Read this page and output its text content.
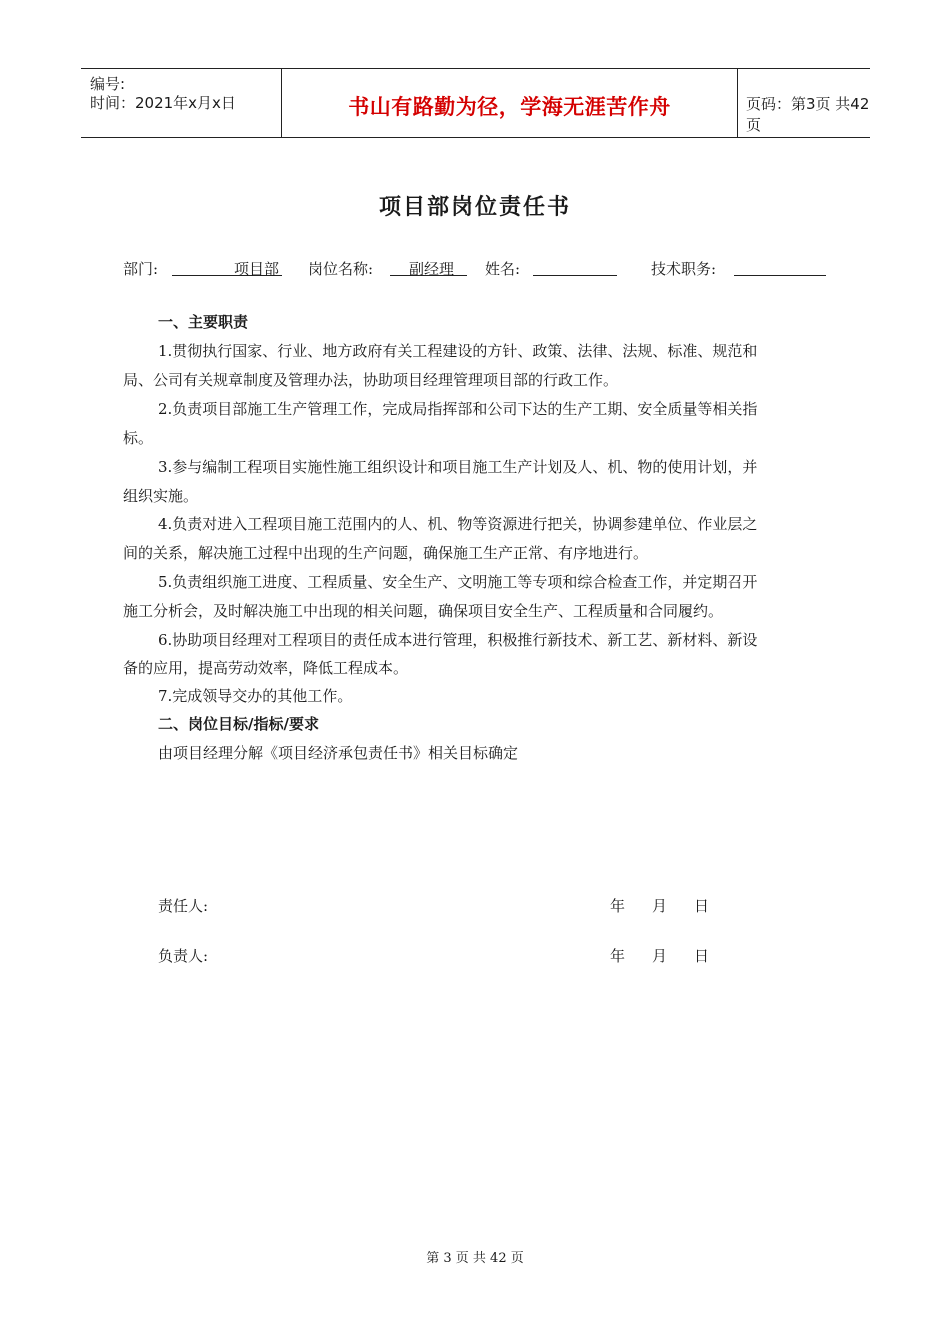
编号:
时间：2021年x月x日	书山有路勤为径，学海无涯苦作舟	页码：第3页 共42页
项目部岗位责任书
部门:	项目部 岗位名称: 副经理 姓名:	技术职务:
一、主要职责
1.贯彻执行国家、行业、地方政府有关工程建设的方针、政策、法律、法规、标准、规范和
局、公司有关规章制度及管理办法，协助项目经理管理项目部的行政工作。
2.负责项目部施工生产管理工作，完成局指挥部和公司下达的生产工期、安全质量等相关指
标。
3.参与编制工程项目实施性施工组织设计和项目施工生产计划及人、机、物的使用计划，并
组织实施。
4.负责对进入工程项目施工范围内的人、机、物等资源进行把关，协调参建单位、作业层之
间的关系，解决施工过程中出现的生产问题，确保施工生产正常、有序地进行。
5.负责组织施工进度、工程质量、安全生产、文明施工等专项和综合检查工作，并定期召开
施工分析会，及时解决施工中出现的相关问题，确保项目安全生产、工程质量和合同履约。
6.协助项目经理对工程项目的责任成本进行管理，积极推行新技术、新工艺、新材料、新设
备的应用，提高劳动效率，降低工程成本。
7.完成领导交办的其他工作。
二、岗位目标/指标/要求
由项目经理分解《项目经济承包责任书》相关目标确定
责任人:	年 月 日
负责人:	年 月 日
第 3 页 共 42 页
